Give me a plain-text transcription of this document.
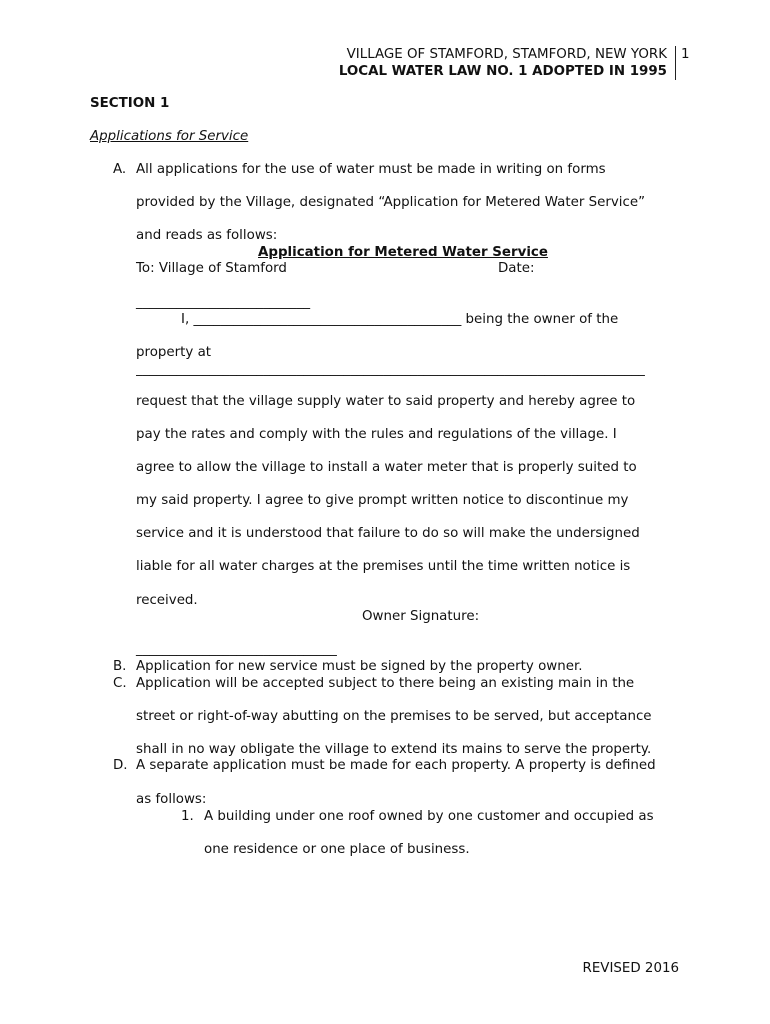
VILLAGE OF STAMFORD, STAMFORD, NEW YORK
LOCAL WATER LAW NO. 1 ADOPTED IN 1995
1
SECTION 1
Applications for Service
A. All applications for the use of water must be made in writing on forms
provided by the Village, designated “Application for Metered Water Service”
and reads as follows:
Application for Metered Water Service
To: Village of Stamford	Date:
__________________________
I, ________________________________________ being the owner of the
property at
____________________________________________________________________________
request that the village supply water to said property and hereby agree to
pay the rates and comply with the rules and regulations of the village. I
agree to allow the village to install a water meter that is properly suited to
my said property. I agree to give prompt written notice to discontinue my
service and it is understood that failure to do so will make the undersigned
liable for all water charges at the premises until the time written notice is
received.
Owner Signature:
______________________________
B. Application for new service must be signed by the property owner.
C. Application will be accepted subject to there being an existing main in the
street or right-of-way abutting on the premises to be served, but acceptance
shall in no way obligate the village to extend its mains to serve the property.
D. A separate application must be made for each property. A property is defined
as follows:
1. A building under one roof owned by one customer and occupied as
one residence or one place of business.
REVISED 2016
